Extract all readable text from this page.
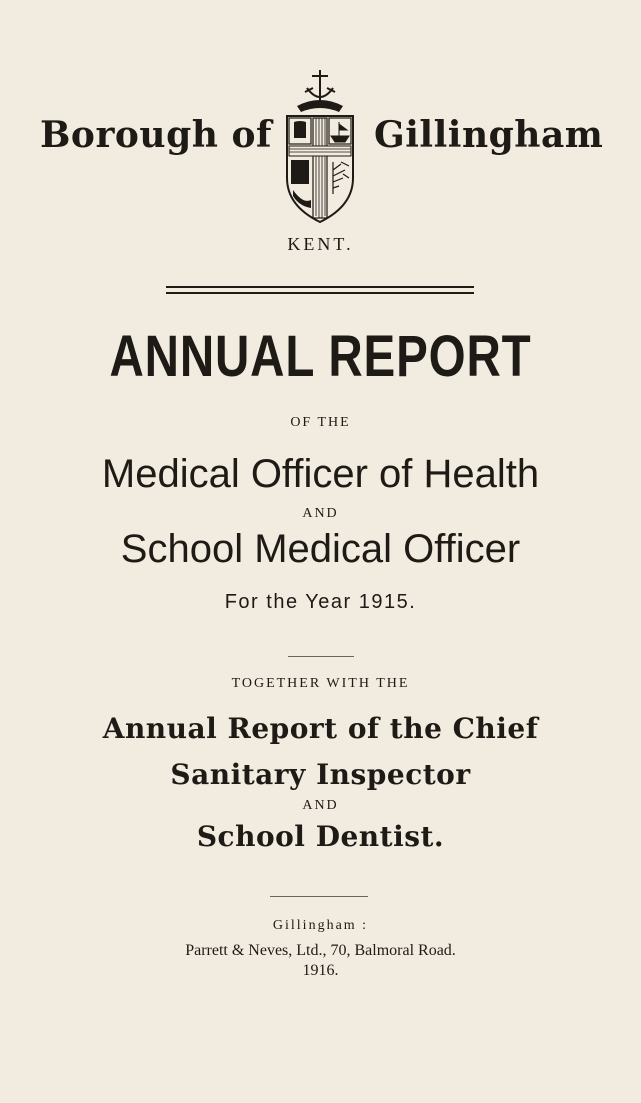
Borough of	Gillingham
KENT.
ANNUAL REPORT
OF THE
Medical Officer of Health
AND
School Medical Officer
For the Year 1915.
TOGETHER WITH THE
Annual Report of the Chief
Sanitary Inspector
AND
School Dentist.
Gillingham :
Parrett & Neves, Ltd., 70, Balmoral Road.
1916.
